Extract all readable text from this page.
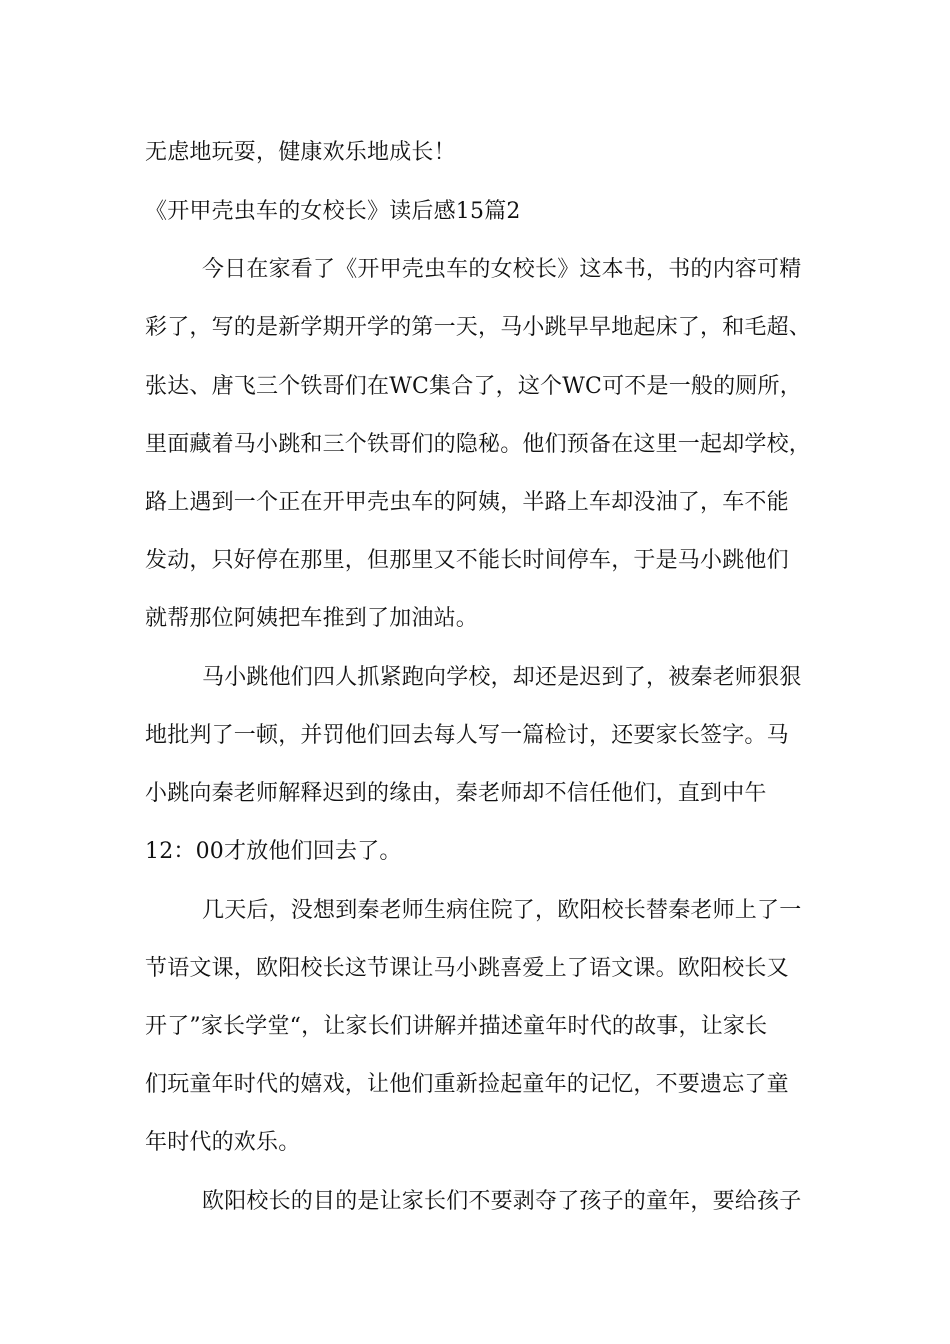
无虑地玩耍，健康欢乐地成长！
《开甲壳虫车的女校长》读后感15篇2
今日在家看了《开甲壳虫车的女校长》这本书，书的内容可精
彩了，写的是新学期开学的第一天，马小跳早早地起床了，和毛超、
张达、唐飞三个铁哥们在WC集合了，这个WC可不是一般的厕所，
里面藏着马小跳和三个铁哥们的隐秘。他们预备在这里一起却学校，
路上遇到一个正在开甲壳虫车的阿姨，半路上车却没油了，车不能
发动，只好停在那里，但那里又不能长时间停车，于是马小跳他们
就帮那位阿姨把车推到了加油站。
马小跳他们四人抓紧跑向学校，却还是迟到了，被秦老师狠狠
地批判了一顿，并罚他们回去每人写一篇检讨，还要家长签字。马
小跳向秦老师解释迟到的缘由，秦老师却不信任他们，直到中午
12：00才放他们回去了。
几天后，没想到秦老师生病住院了，欧阳校长替秦老师上了一
节语文课，欧阳校长这节课让马小跳喜爱上了语文课。欧阳校长又
开了”家长学堂“，让家长们讲解并描述童年时代的故事，让家长
们玩童年时代的嬉戏，让他们重新捡起童年的记忆，不要遗忘了童
年时代的欢乐。
欧阳校长的目的是让家长们不要剥夺了孩子的童年，要给孩子
